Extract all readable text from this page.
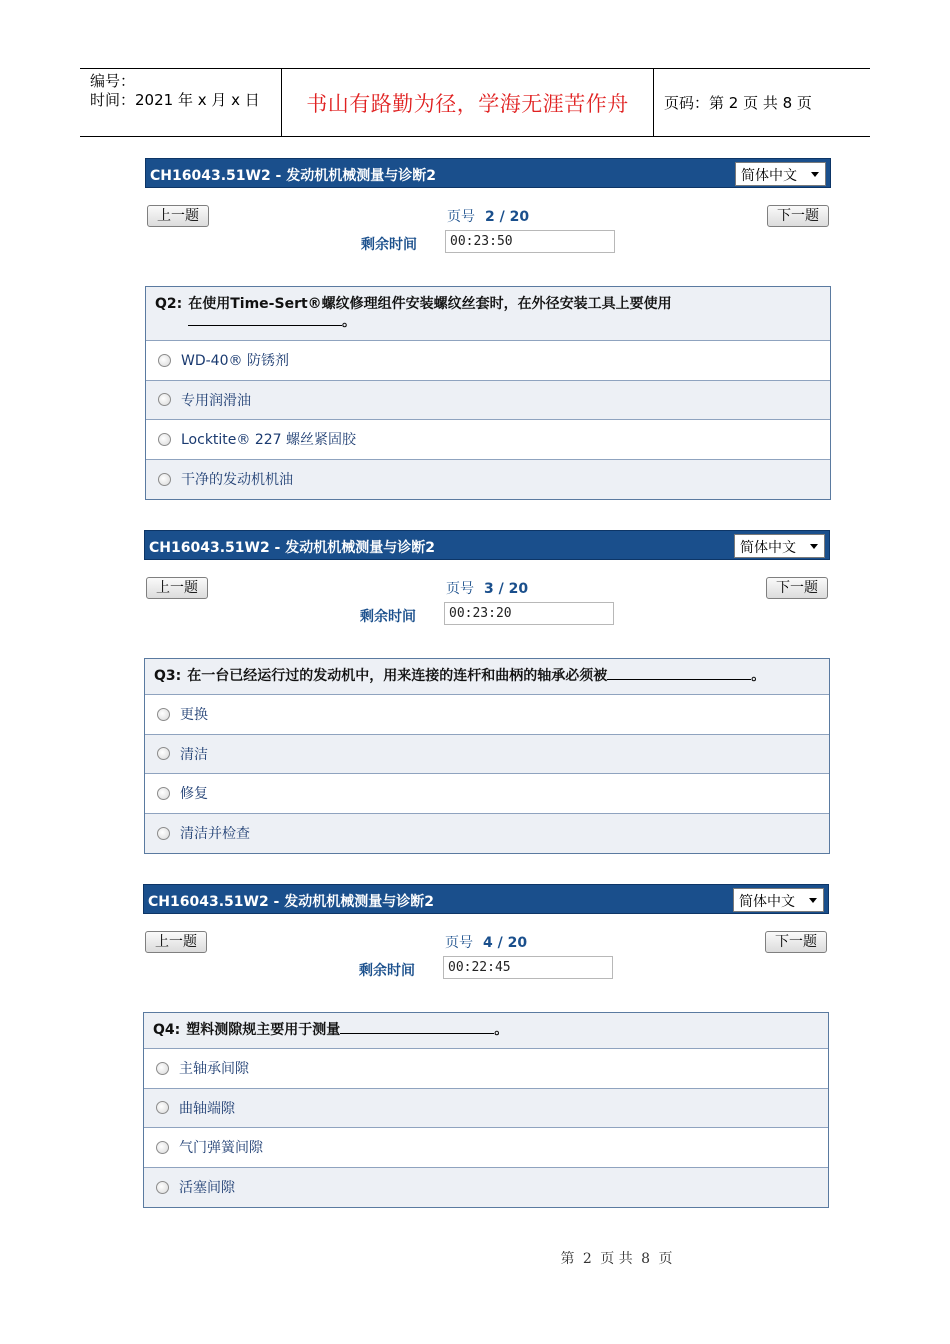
编号：
时间：2021 年 x 月 x 日	书山有路勤为径，学海无涯苦作舟 页码：第 2 页 共 8 页
CH16043.51W2 - 发动机机械测量与诊断2	简体中文
上一题	下一题
页号 2 / 20
剩余时间	00:23:50
Q2: 在使用Time-Sert®螺纹修理组件安装螺纹丝套时，在外径安装工具上要使用
。
WD-40® 防锈剂
专用润滑油
Locktite® 227 螺丝紧固胶
干净的发动机机油
CH16043.51W2 - 发动机机械测量与诊断2	简体中文
上一题	下一题
页号 3 / 20
剩余时间	00:23:20
Q3: 在一台已经运行过的发动机中，用来连接的连杆和曲柄的轴承必须被	。
更换
清洁
修复
清洁并检查
CH16043.51W2 - 发动机机械测量与诊断2	简体中文
上一题	下一题
页号 4 / 20
剩余时间	00:22:45
Q4: 塑料测隙规主要用于测量	。
主轴承间隙
曲轴端隙
气门弹簧间隙
活塞间隙
第 2 页 共 8 页
